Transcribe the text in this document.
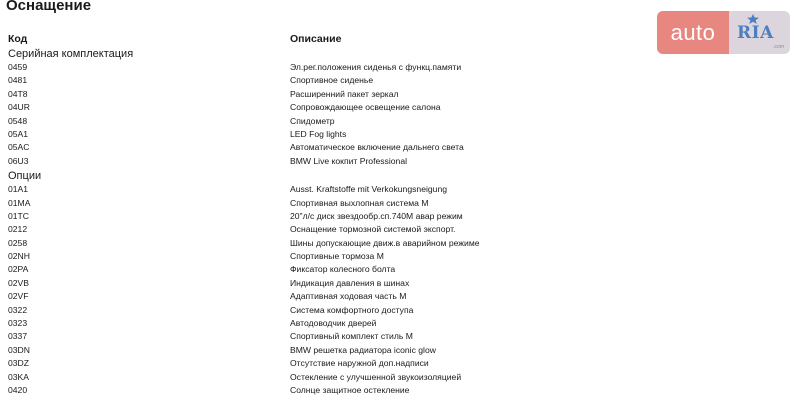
Оснащение
Код	Описание
Серийная комплектация
0459	Эл.рег.положения сиденья с функц.памяти
0481	Спортивное сиденье
04T8	Расширенний пакет зеркал
04UR	Сопровождающее освещение салона
0548	Спидометр
05A1	LED Fog lights
05AC	Автоматическое включение дальнего света
06U3	BMW Live кокпит Professional
Опции
01A1	Ausst. Kraftstoffe mit Verkokungsneigung
01MA	Спортивная выхлопная система M
01TC	20"л/с диск звездообр.сп.740M авар режим
0212	Оснащение тормозной системой экспорт.
0258	Шины допускающие движ.в аварийном режиме
02NH	Спортивные тормоза M
02PA	Фиксатор колесного болта
02VB	Индикация давления в шинах
02VF	Адаптивная ходовая часть M
0322	Система комфортного доступа
0323	Автодоводчик дверей
0337	Спортивный комплект стиль M
03DN	BMW решетка радиатора iconic glow
03DZ	Отсутствие наружной доп.надписи
03KA	Остекление с улучшенной звукоизоляцией
0420	Солнце защитное остекление
auto	RIA
.com
